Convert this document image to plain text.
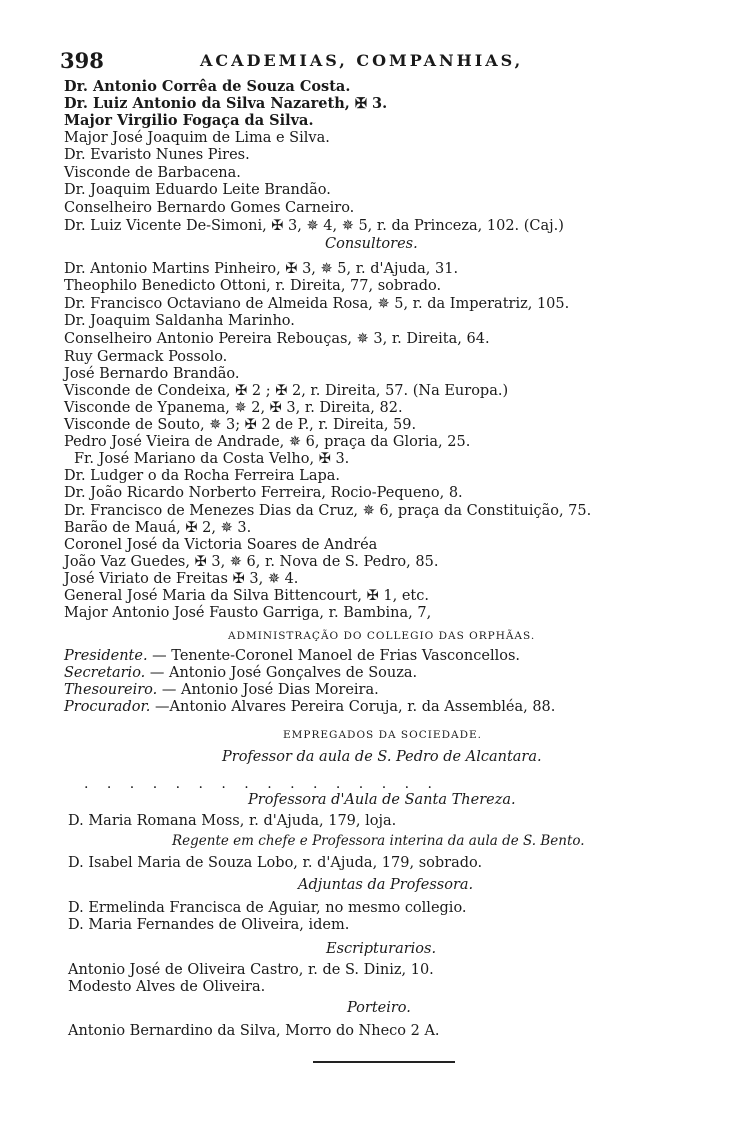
398	ACADEMIAS, COMPANHIAS,
Dr. Antonio Corrêa de Souza Costa.
Dr. Luiz Antonio da Silva Nazareth, ✠ 3.
Major Virgilio Fogaça da Silva.
Major José Joaquim de Lima e Silva.
Dr. Evaristo Nunes Pires.
Visconde de Barbacena.
Dr. Joaquim Eduardo Leite Brandão.
Conselheiro Bernardo Gomes Carneiro.
Dr. Luiz Vicente De-Simoni, ✠ 3, ✵ 4, ✵ 5, r. da Princeza, 102. (Caj.)
Consultores.
Dr. Antonio Martins Pinheiro, ✠ 3, ✵ 5, r. d'Ajuda, 31.
Theophilo Benedicto Ottoni, r. Direita, 77, sobrado.
Dr. Francisco Octaviano de Almeida Rosa, ✵ 5, r. da Imperatriz, 105.
Dr. Joaquim Saldanha Marinho.
Conselheiro Antonio Pereira Rebouças, ✵ 3, r. Direita, 64.
Ruy Germack Possolo.
José Bernardo Brandão.
Visconde de Condeixa, ✠ 2 ; ✠ 2, r. Direita, 57. (Na Europa.)
Visconde de Ypanema, ✵ 2, ✠ 3, r. Direita, 82.
Visconde de Souto, ✵ 3; ✠ 2 de P., r. Direita, 59.
Pedro José Vieira de Andrade, ✵ 6, praça da Gloria, 25.
Fr. José Mariano da Costa Velho, ✠ 3.
Dr. Ludger o da Rocha Ferreira Lapa.
Dr. João Ricardo Norberto Ferreira, Rocio-Pequeno, 8.
Dr. Francisco de Menezes Dias da Cruz, ✵ 6, praça da Constituição, 75.
Barão de Mauá, ✠ 2, ✵ 3.
Coronel José da Victoria Soares de Andréa
João Vaz Guedes, ✠ 3, ✵ 6, r. Nova de S. Pedro, 85.
José Viriato de Freitas ✠ 3, ✵ 4.
General José Maria da Silva Bittencourt, ✠ 1, etc.
Major Antonio José Fausto Garriga, r. Bambina, 7,
ADMINISTRAÇÃO DO COLLEGIO DAS ORPHÃAS.
Presidente. — Tenente-Coronel Manoel de Frias Vasconcellos.
Secretario. — Antonio José Gonçalves de Souza.
Thesoureiro. — Antonio José Dias Moreira.
Procurador. —Antonio Alvares Pereira Coruja, r. da Assembléa, 88.
EMPREGADOS DA SOCIEDADE.
Professor da aula de S. Pedro de Alcantara.
. . . . . . . . . . . . . . . .
Professora d'Aula de Santa Thereza.
D. Maria Romana Moss, r. d'Ajuda, 179, loja.
Regente em chefe e Professora interina da aula de S. Bento.
D. Isabel Maria de Souza Lobo, r. d'Ajuda, 179, sobrado.
Adjuntas da Professora.
D. Ermelinda Francisca de Aguiar, no mesmo collegio.
D. Maria Fernandes de Oliveira, idem.
Escripturarios.
Antonio José de Oliveira Castro, r. de S. Diniz, 10.
Modesto Alves de Oliveira.
Porteiro.
Antonio Bernardino da Silva, Morro do Nheco 2 A.
